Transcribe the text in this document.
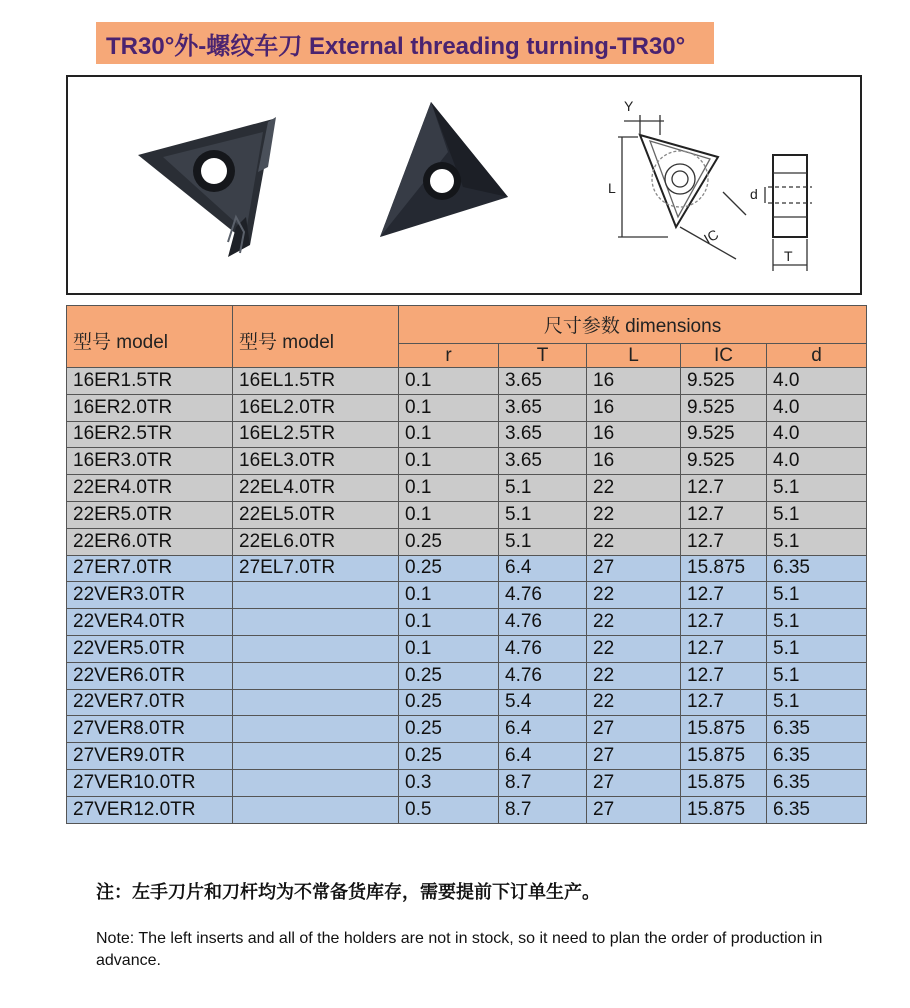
TR30°外-螺纹车刀 External threading turning-TR30°
Y
L
IC
d
T
型号 model	型号 model	尺寸参数 dimensions				
		r	T	L	IC	d
16ER1.5TR	16EL1.5TR	0.1	3.65	16	9.525	4.0
16ER2.0TR	16EL2.0TR	0.1	3.65	16	9.525	4.0
16ER2.5TR	16EL2.5TR	0.1	3.65	16	9.525	4.0
16ER3.0TR	16EL3.0TR	0.1	3.65	16	9.525	4.0
22ER4.0TR	22EL4.0TR	0.1	5.1	22	12.7	5.1
22ER5.0TR	22EL5.0TR	0.1	5.1	22	12.7	5.1
22ER6.0TR	22EL6.0TR	0.25	5.1	22	12.7	5.1
27ER7.0TR	27EL7.0TR	0.25	6.4	27	15.875	6.35
22VER3.0TR		0.1	4.76	22	12.7	5.1
22VER4.0TR		0.1	4.76	22	12.7	5.1
22VER5.0TR		0.1	4.76	22	12.7	5.1
22VER6.0TR		0.25	4.76	22	12.7	5.1
22VER7.0TR		0.25	5.4	22	12.7	5.1
27VER8.0TR		0.25	6.4	27	15.875	6.35
27VER9.0TR		0.25	6.4	27	15.875	6.35
27VER10.0TR		0.3	8.7	27	15.875	6.35
27VER12.0TR		0.5	8.7	27	15.875	6.35
注：左手刀片和刀杆均为不常备货库存，需要提前下订单生产。
Note: The left inserts and all of the holders are not in stock, so it need to plan the order of production in advance.
